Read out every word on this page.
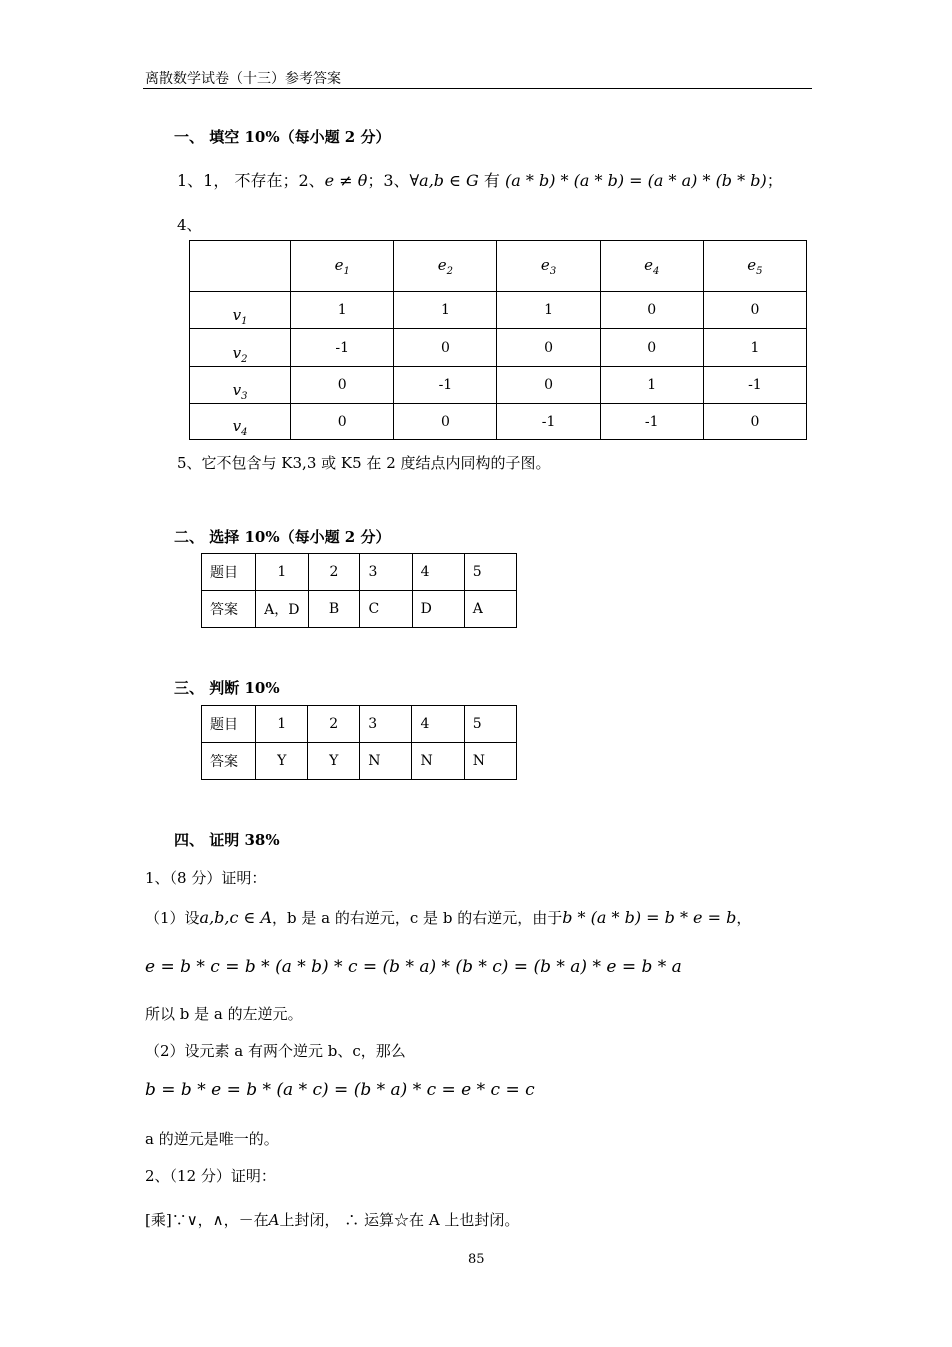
离散数学试卷（十三）参考答案
一、 填空 10%（每小题 2 分）
1、1， 不存在；2、e ≠ θ；3、∀a,b ∈ G 有 (a * b) * (a * b) = (a * a) * (b * b)；
4、
	$e_1$	$e_2$	$e_3$	$e_4$	$e_5$
$v_1$	1	1	1	0	0
$v_2$	-1	0	0	0	1
$v_3$	0	-1	0	1	-1
$v_4$	0	0	-1	-1	0
5、它不包含与 K3,3 或 K5 在 2 度结点内同构的子图。
二、 选择 10%（每小题 2 分）
题目	1	2	3	4	5
答案	A，D	B	C	D	A
三、 判断 10%
题目	1	2	3	4	5
答案	Y	Y	N	N	N
四、 证明 38%
1、（8 分）证明：
（1）设a,b,c ∈ A，b 是 a 的右逆元，c 是 b 的右逆元，由于b * (a * b) = b * e = b，
e = b * c = b * (a * b) * c = (b * a) * (b * c) = (b * a) * e = b * a
所以 b 是 a 的左逆元。
（2）设元素 a 有两个逆元 b、c，那么
b = b * e = b * (a * c) = (b * a) * c = e * c = c
a 的逆元是唯一的。
2、（12 分）证明：
[乘]∵∨，∧，－在A上封闭， ∴ 运算☆在 A 上也封闭。
85
